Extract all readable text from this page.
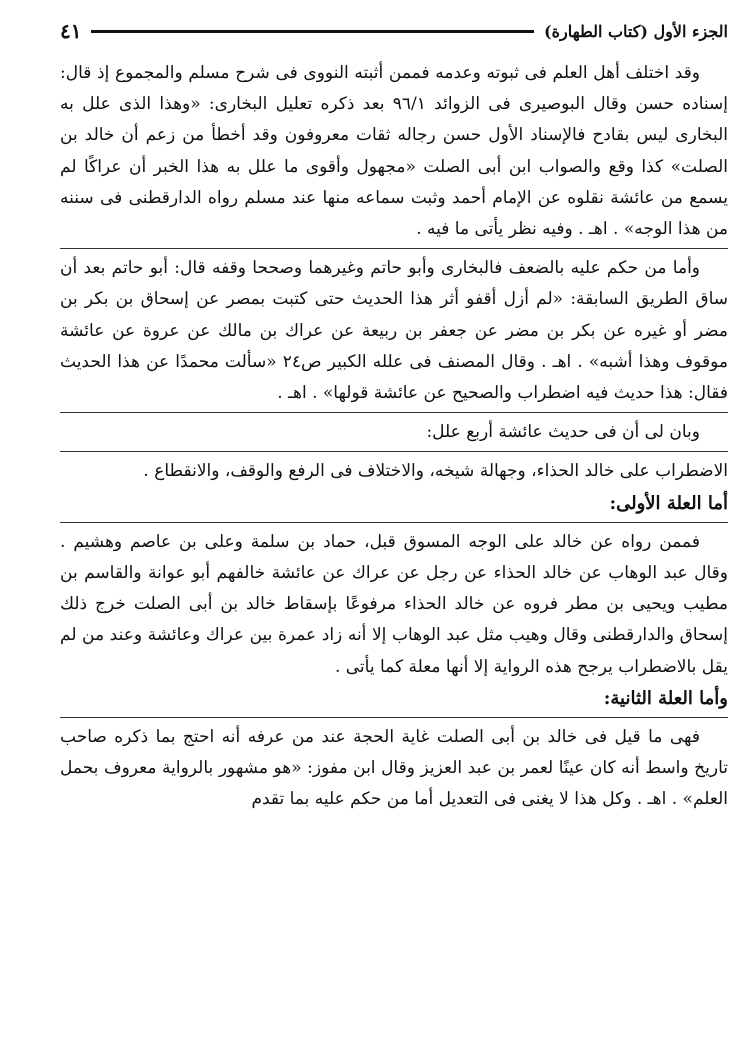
الجزء الأول (كتاب الطهارة)
٤١

وقد اختلف أهل العلم فى ثبوته وعدمه فممن أثبته النووى فى شرح مسلم والمجموع إذ قال: إسناده حسن وقال البوصيرى فى الزوائد ٩٦/١ بعد ذكره تعليل البخارى: «وهذا الذى علل به البخارى ليس بقادح فالإسناد الأول حسن رجاله ثقات معروفون وقد أخطأ من زعم أن خالد بن الصلت» كذا وقع والصواب ابن أبى الصلت «مجهول وأقوى ما علل به هذا الخبر أن عراكًا لم يسمع من عائشة نقلوه عن الإمام أحمد وثبت سماعه منها عند مسلم رواه الدارقطنى فى سننه من هذا الوجه» . اهـ . وفيه نظر يأتى ما فيه .

وأما من حكم عليه بالضعف فالبخارى وأبو حاتم وغيرهما وصححا وقفه قال: أبو حاتم بعد أن ساق الطريق السابقة: «لم أزل أقفو أثر هذا الحديث حتى كتبت بمصر عن إسحاق بن بكر بن مضر أو غيره عن بكر بن مضر عن جعفر بن ربيعة عن عراك بن مالك عن عروة عن عائشة موقوف وهذا أشبه» . اهـ . وقال المصنف فى علله الكبير ص٢٤ «سألت محمدًا عن هذا الحديث فقال: هذا حديث فيه اضطراب والصحيح عن عائشة قولها» . اهـ .

وبان لى أن فى حديث عائشة أربع علل:

الاضطراب على خالد الحذاء، وجهالة شيخه، والاختلاف فى الرفع والوقف، والانقطاع .

أما العلة الأولى:

فممن رواه عن خالد على الوجه المسوق قبل، حماد بن سلمة وعلى بن عاصم وهشيم . وقال عبد الوهاب عن خالد الحذاء عن رجل عن عراك عن عائشة خالفهم أبو عوانة والقاسم بن مطيب ويحيى بن مطر فروه عن خالد الحذاء مرفوعًا بإسقاط خالد بن أبى الصلت خرج ذلك إسحاق والدارقطنى وقال وهيب مثل عبد الوهاب إلا أنه زاد عمرة بين عراك وعائشة وعند من لم يقل بالاضطراب يرجح هذه الرواية إلا أنها معلة كما يأتى .

وأما العلة الثانية:

فهى ما قيل فى خالد بن أبى الصلت غاية الحجة عند من عرفه أنه احتج بما ذكره صاحب تاريخ واسط أنه كان عينًا لعمر بن عبد العزيز وقال ابن مفوز: «هو مشهور بالرواية معروف بحمل العلم» . اهـ . وكل هذا لا يغنى فى التعديل أما من حكم عليه بما تقدم
